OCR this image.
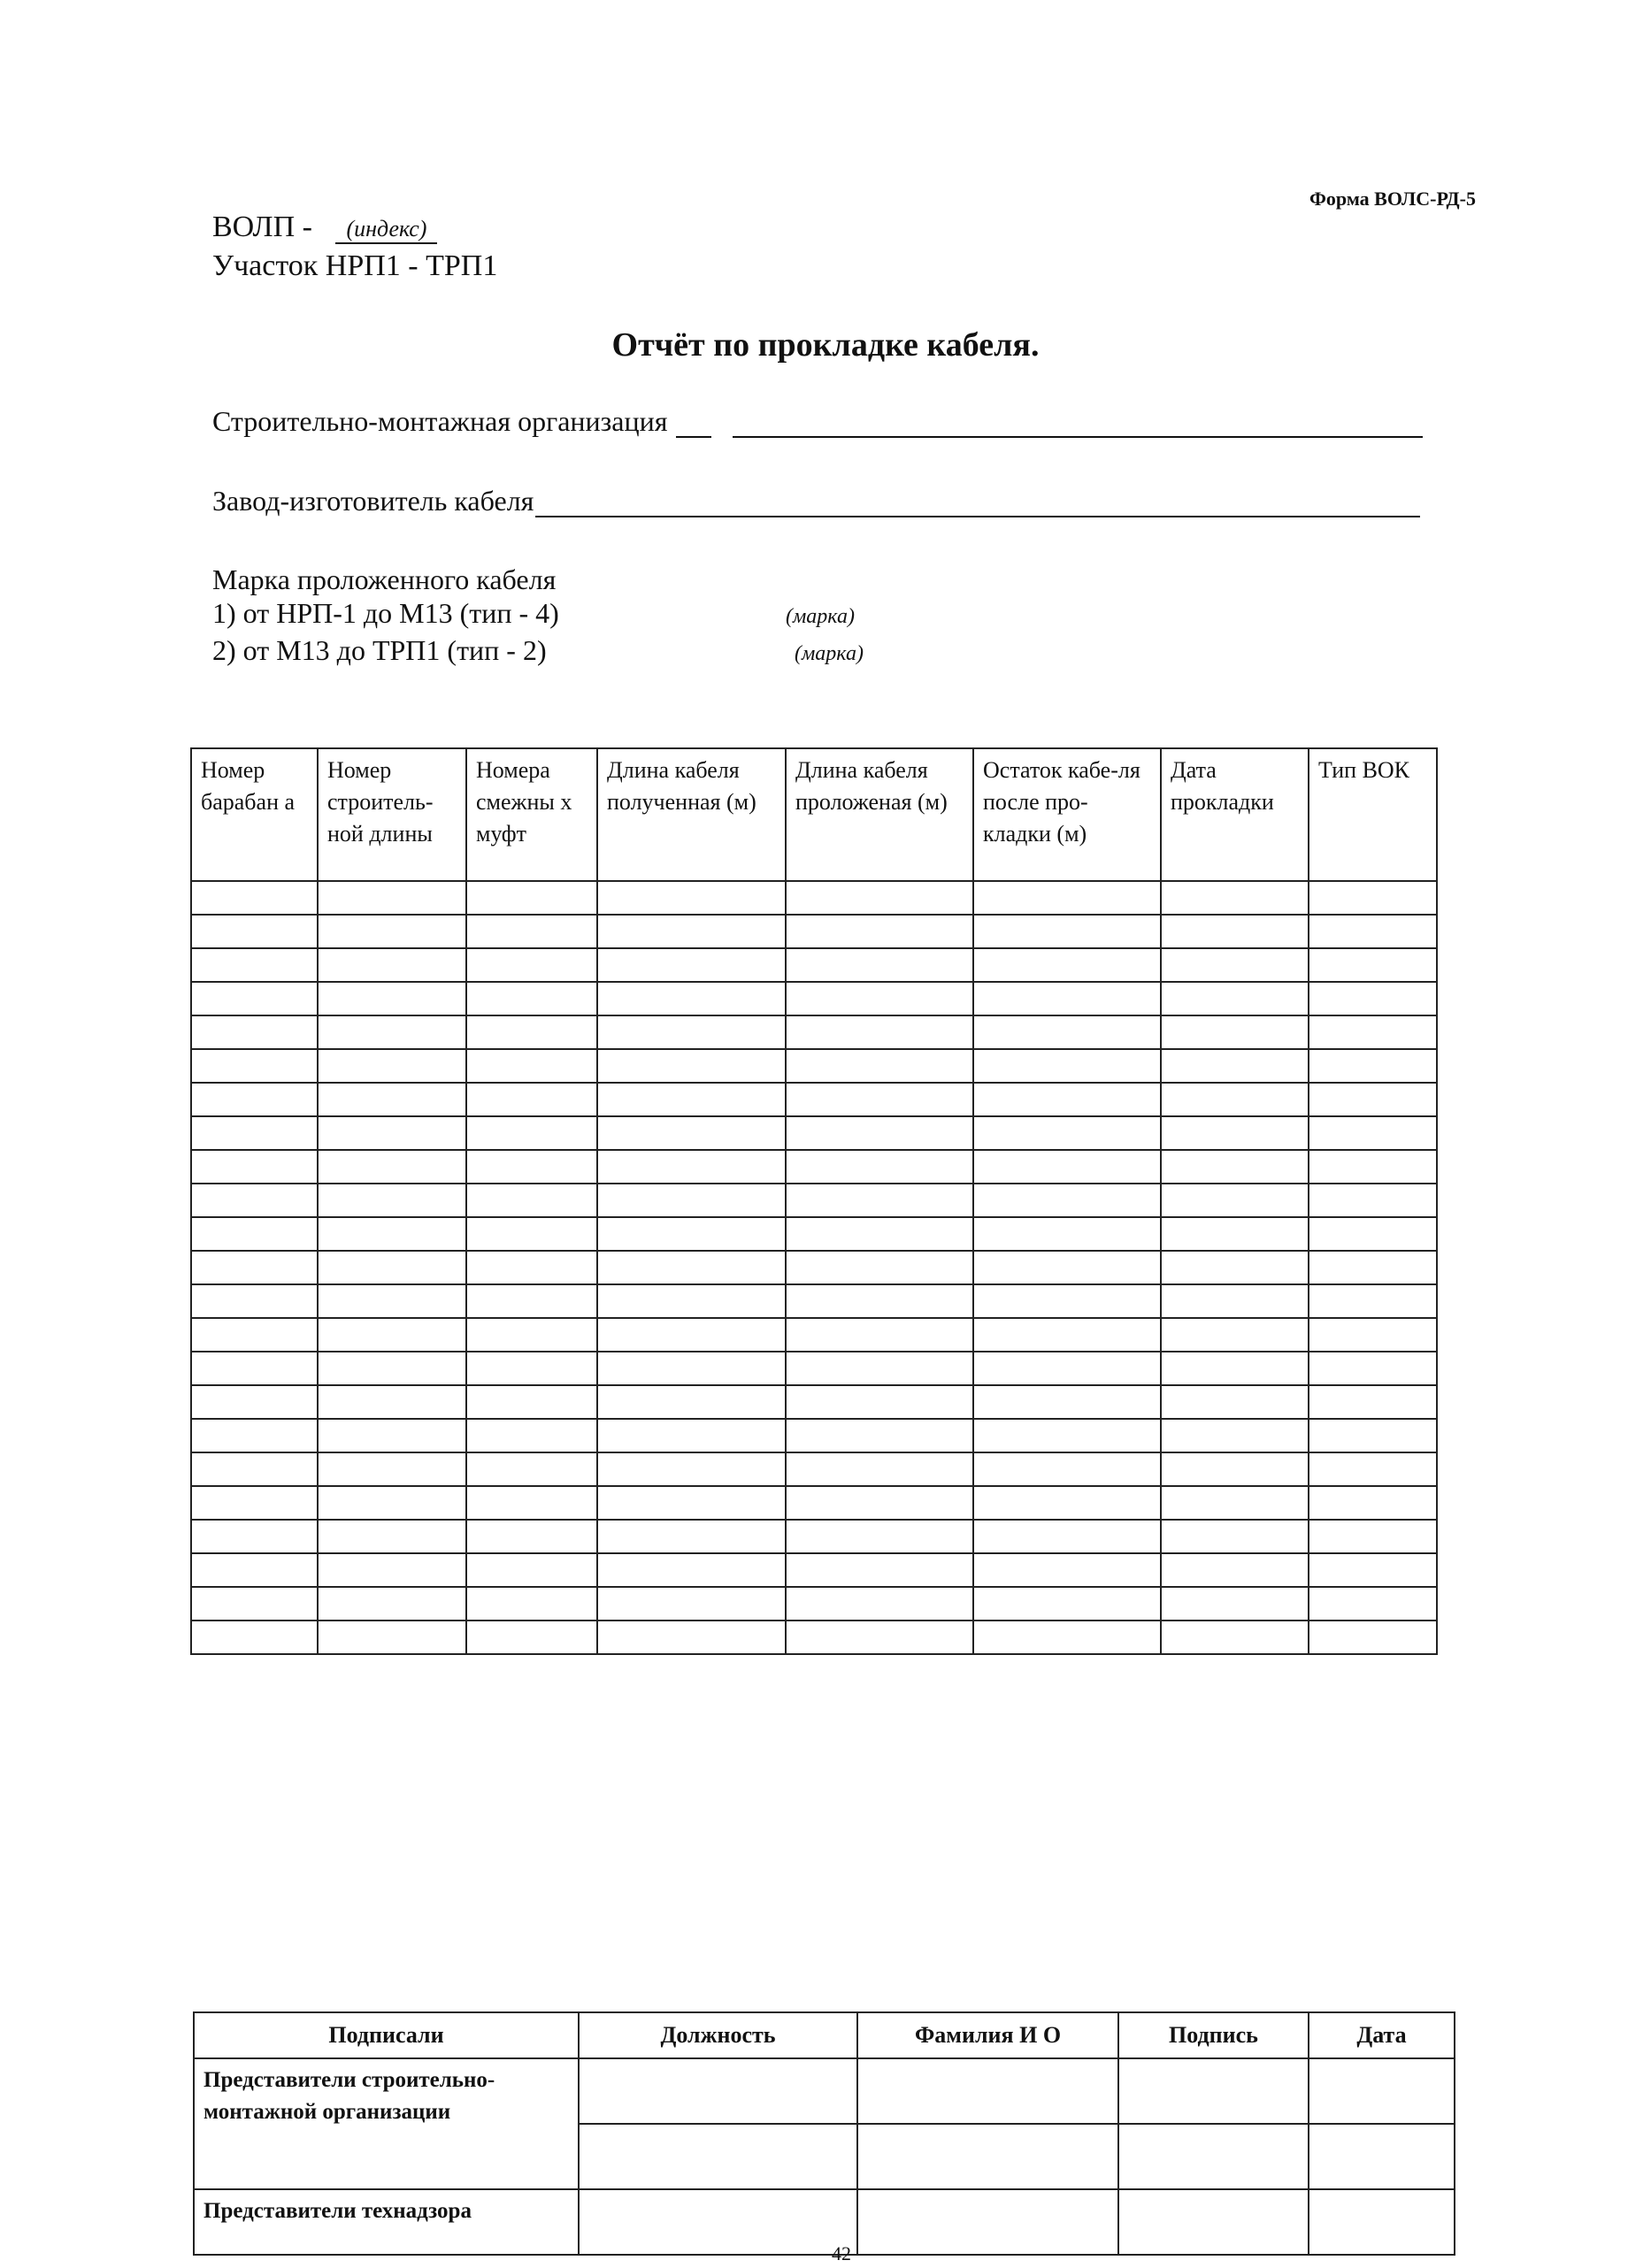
Форма ВОЛС-РД-5
ВОЛП - (индекс)
Участок НРП1 - ТРП1
Отчёт по прокладке кабеля.
Строительно-монтажная организация
Завод-изготовитель кабеля
Марка проложенного кабеля
1) от НРП-1 до М13 (тип - 4)	(марка)
2) от М13 до ТРП1 (тип - 2)	(марка)
Номер барабан а	Номер строитель-ной длины	Номера смежны х муфт	Длина кабеля полученная (м)	Длина кабеля проложеная (м)	Остаток кабе-ля после про-кладки (м)	Дата прокладки	Тип ВОК

Подписали	Должность	Фамилия И О	Подпись	Дата
Представители строительно-монтажной организации				

Представители технадзора				
42
